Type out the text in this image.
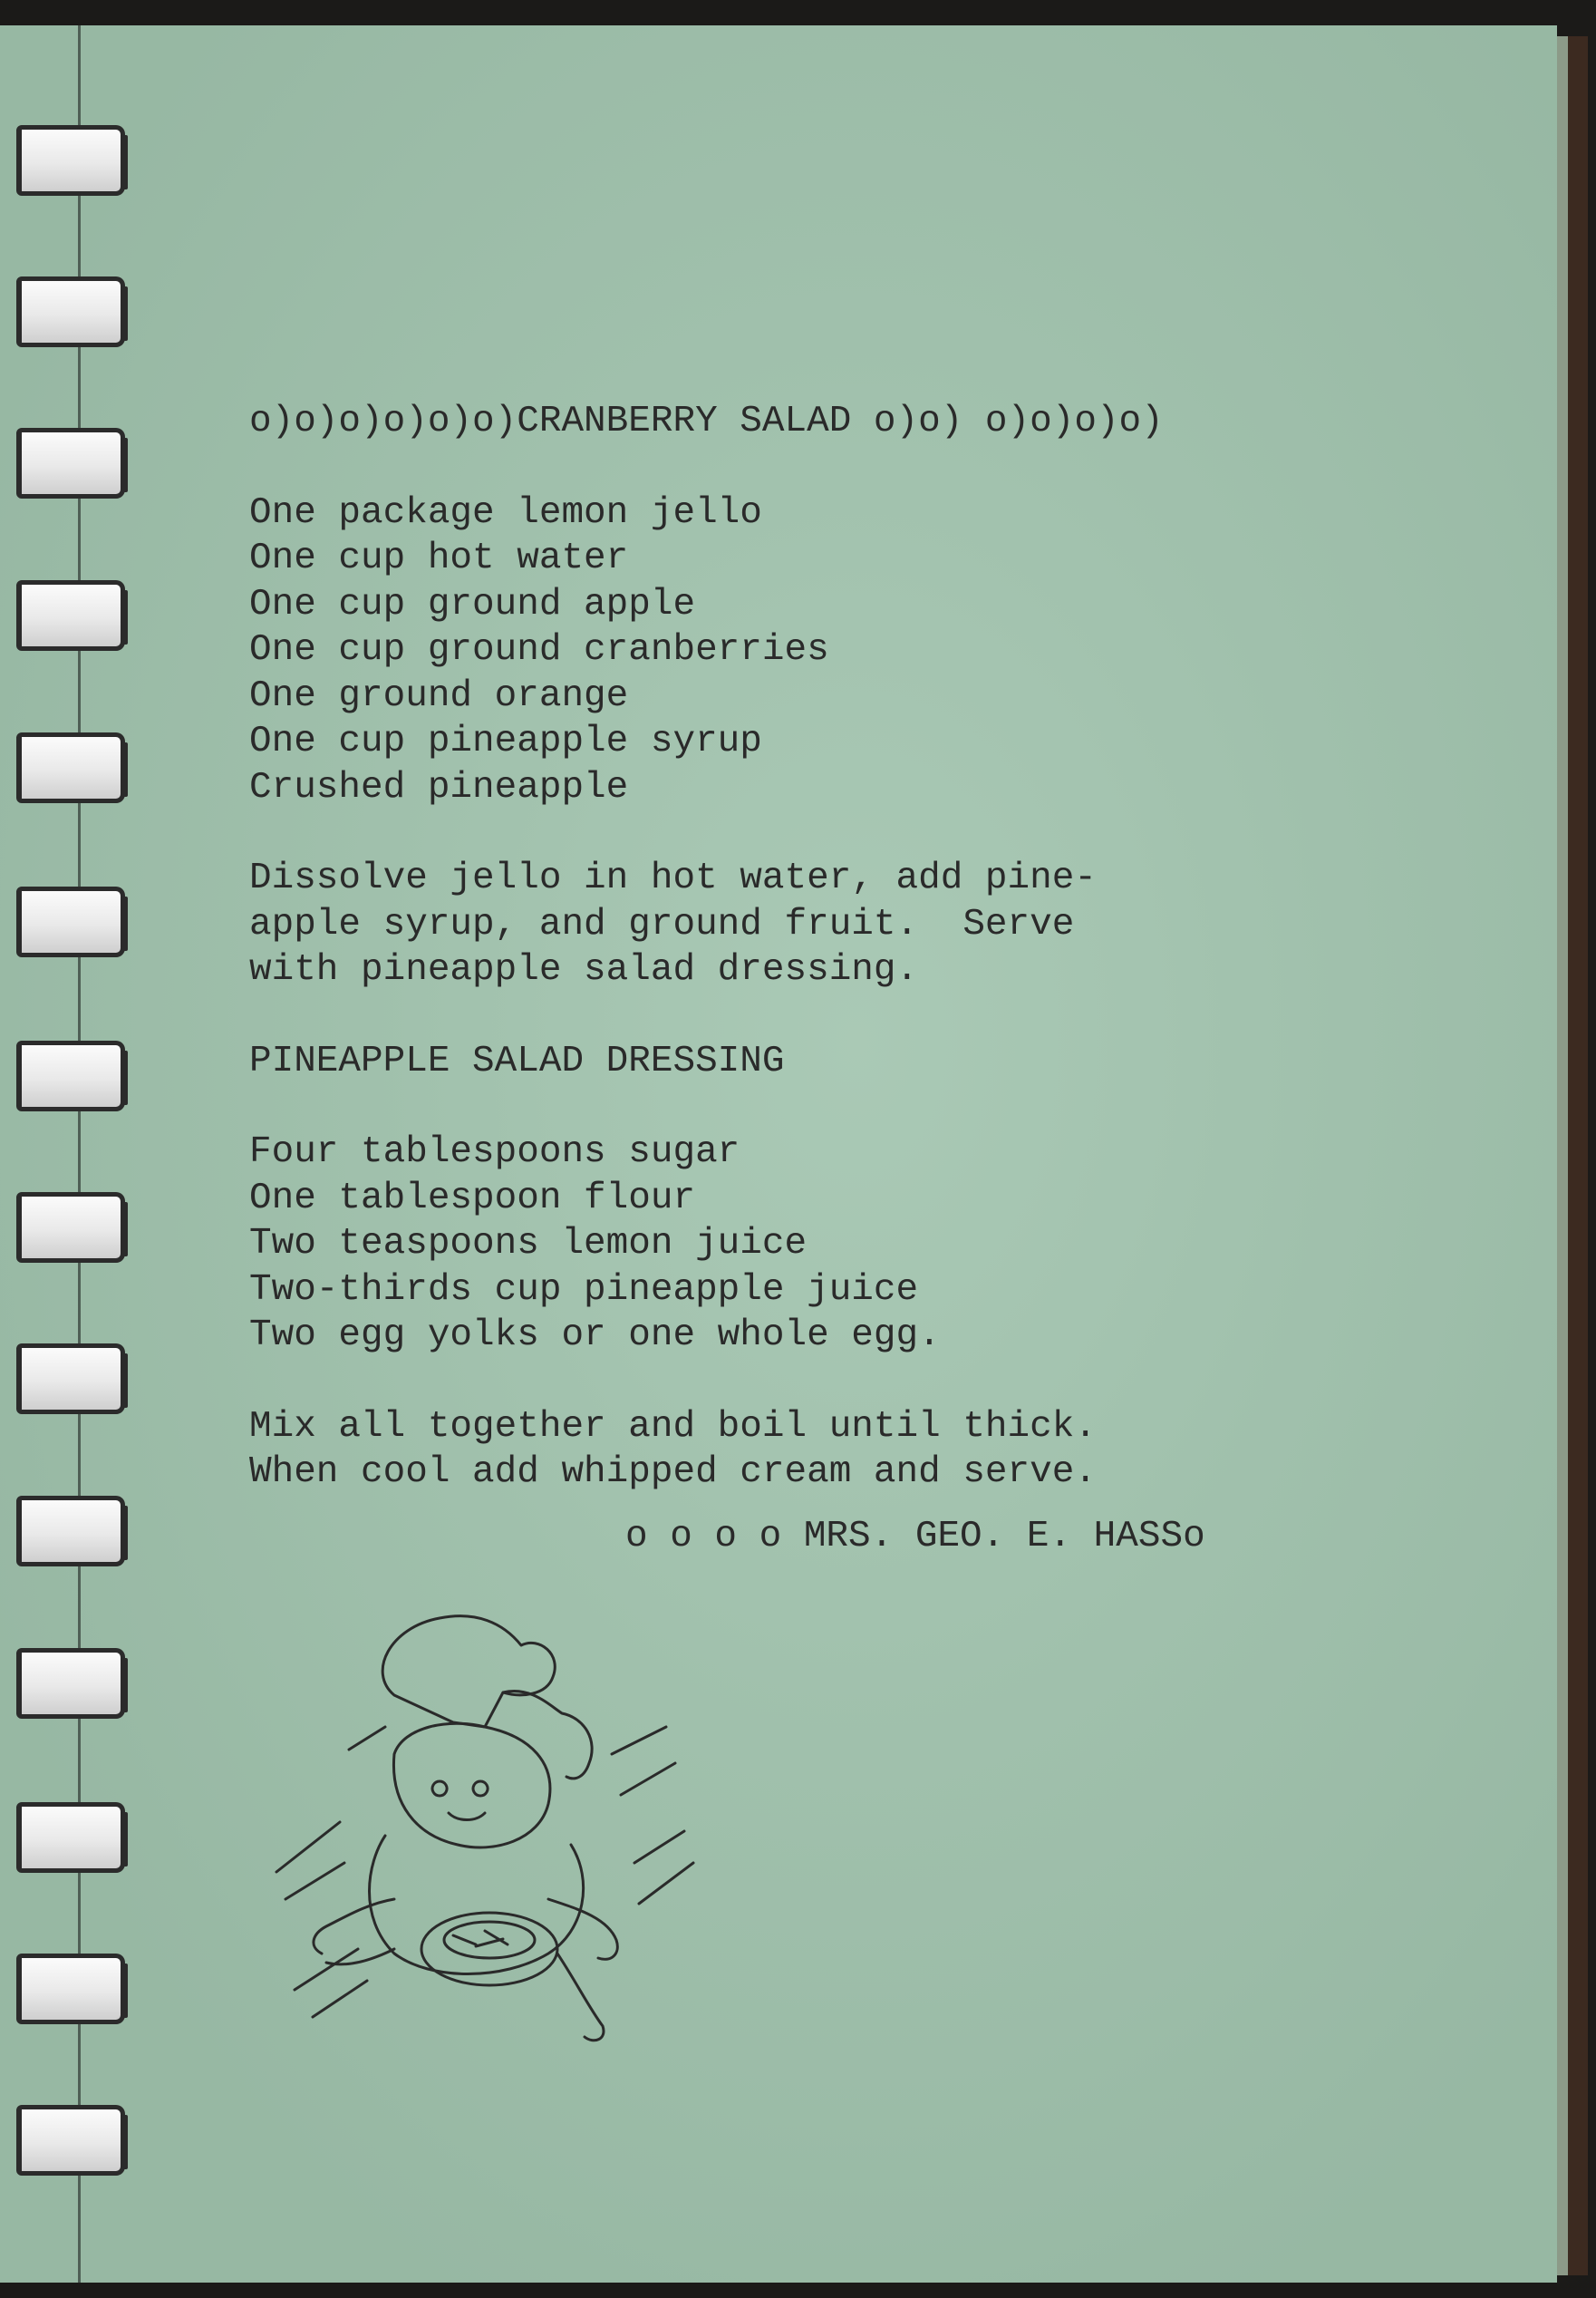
o)o)o)o)o)o)CRANBERRY SALAD o)o) o)o)o)o)

One package lemon jello

One cup hot water

One cup ground apple

One cup ground cranberries

One ground orange

One cup pineapple syrup

Crushed pineapple

Dissolve jello in hot water, add pine-

apple syrup, and ground fruit.  Serve

with pineapple salad dressing.

PINEAPPLE SALAD DRESSING

Four tablespoons sugar

One tablespoon flour

Two teaspoons lemon juice

Two-thirds cup pineapple juice

Two egg yolks or one whole egg.

Mix all together and boil until thick.

When cool add whipped cream and serve.

o o o o MRS. GEO. E. HASSo
